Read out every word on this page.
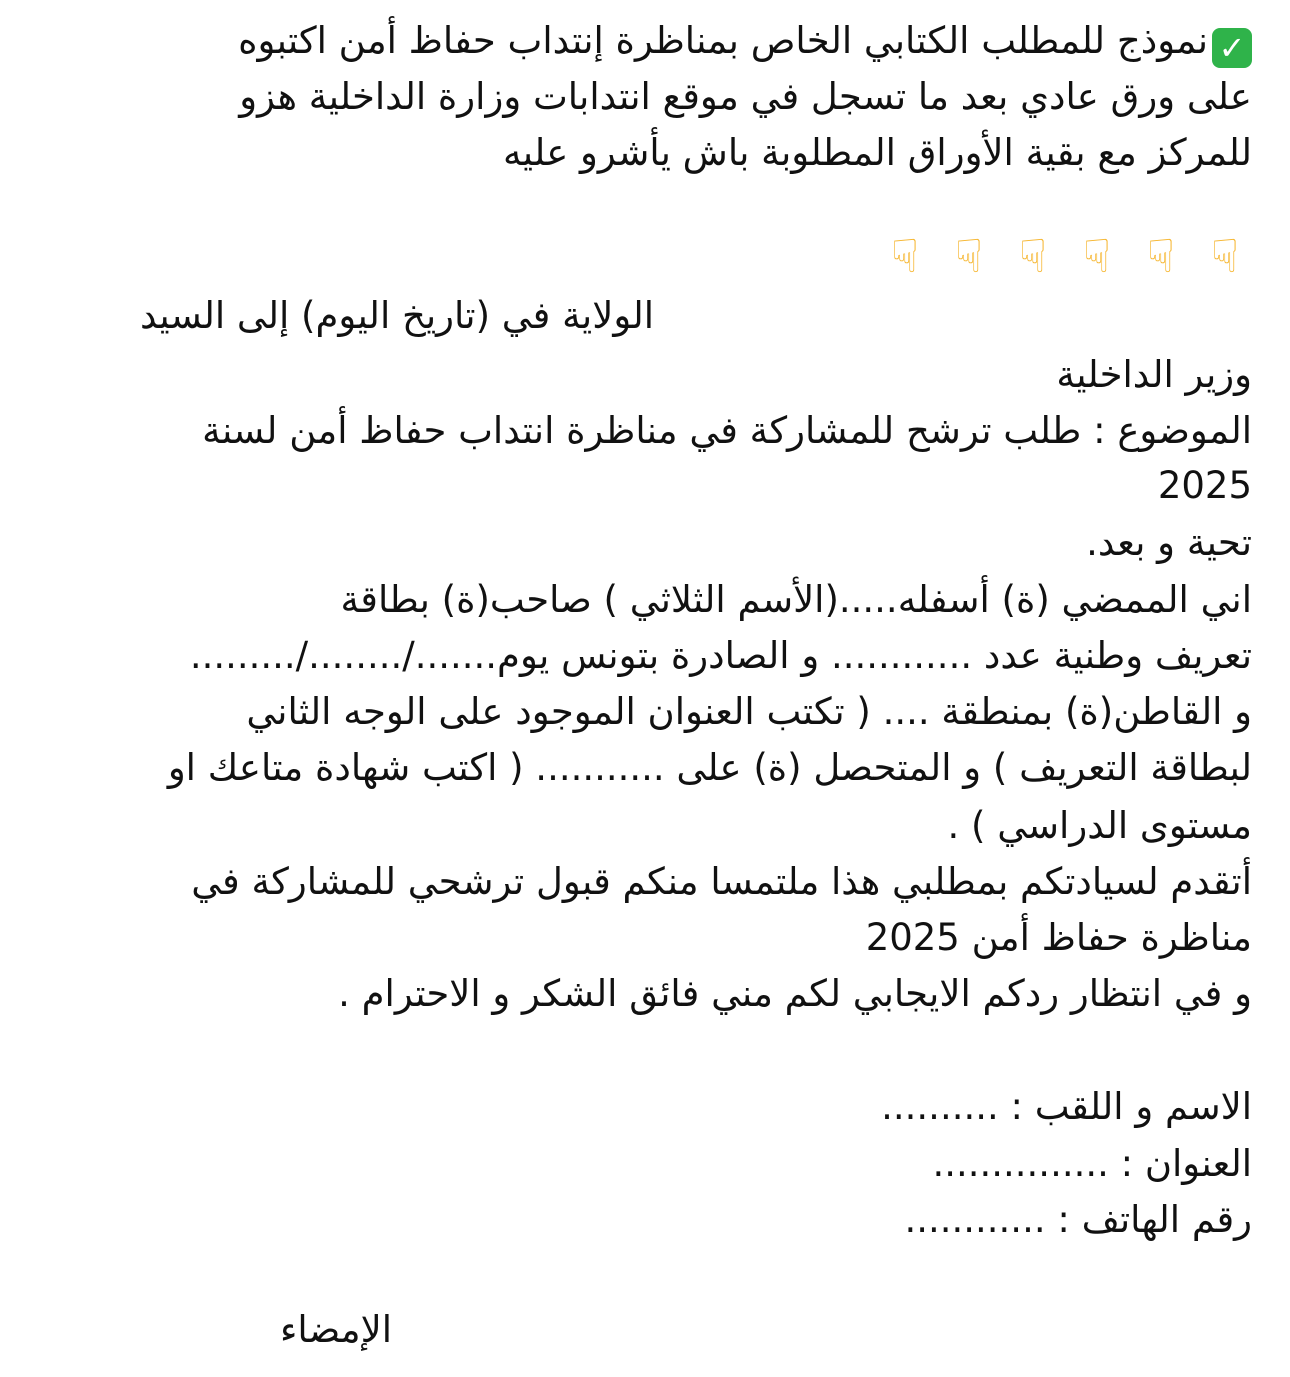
✓نموذج للمطلب الكتابي الخاص بمناظرة إنتداب حفاظ أمن اكتبوه
على ورق عادي بعد ما تسجل في موقع انتدابات وزارة الداخلية هزو
للمركز مع بقية الأوراق المطلوبة باش يأشرو عليه
☟
☟
☟
☟
☟
☟
الولاية في (تاريخ اليوم) إلى السيد
وزير الداخلية
الموضوع : طلب ترشح للمشاركة في مناظرة انتداب حفاظ أمن لسنة
2025
تحية و بعد.
اني الممضي (ة) أسفله.....(الأسم الثلاثي ) صاحب(ة) بطاقة
تعريف وطنية عدد ............ و الصادرة بتونس يوم......./......../.........
و القاطن(ة) بمنطقة .... ( تكتب العنوان الموجود على الوجه الثاني
لبطاقة التعريف ) و المتحصل (ة) على ........... ( اكتب شهادة متاعك او
مستوى الدراسي ) .
أتقدم لسيادتكم بمطلبي هذا ملتمسا منكم قبول ترشحي للمشاركة في
مناظرة حفاظ أمن 2025
و في انتظار ردكم الايجابي لكم مني فائق الشكر و الاحترام .
الاسم و اللقب : ..........
العنوان : ...............
رقم الهاتف : ............
الإمضاء
